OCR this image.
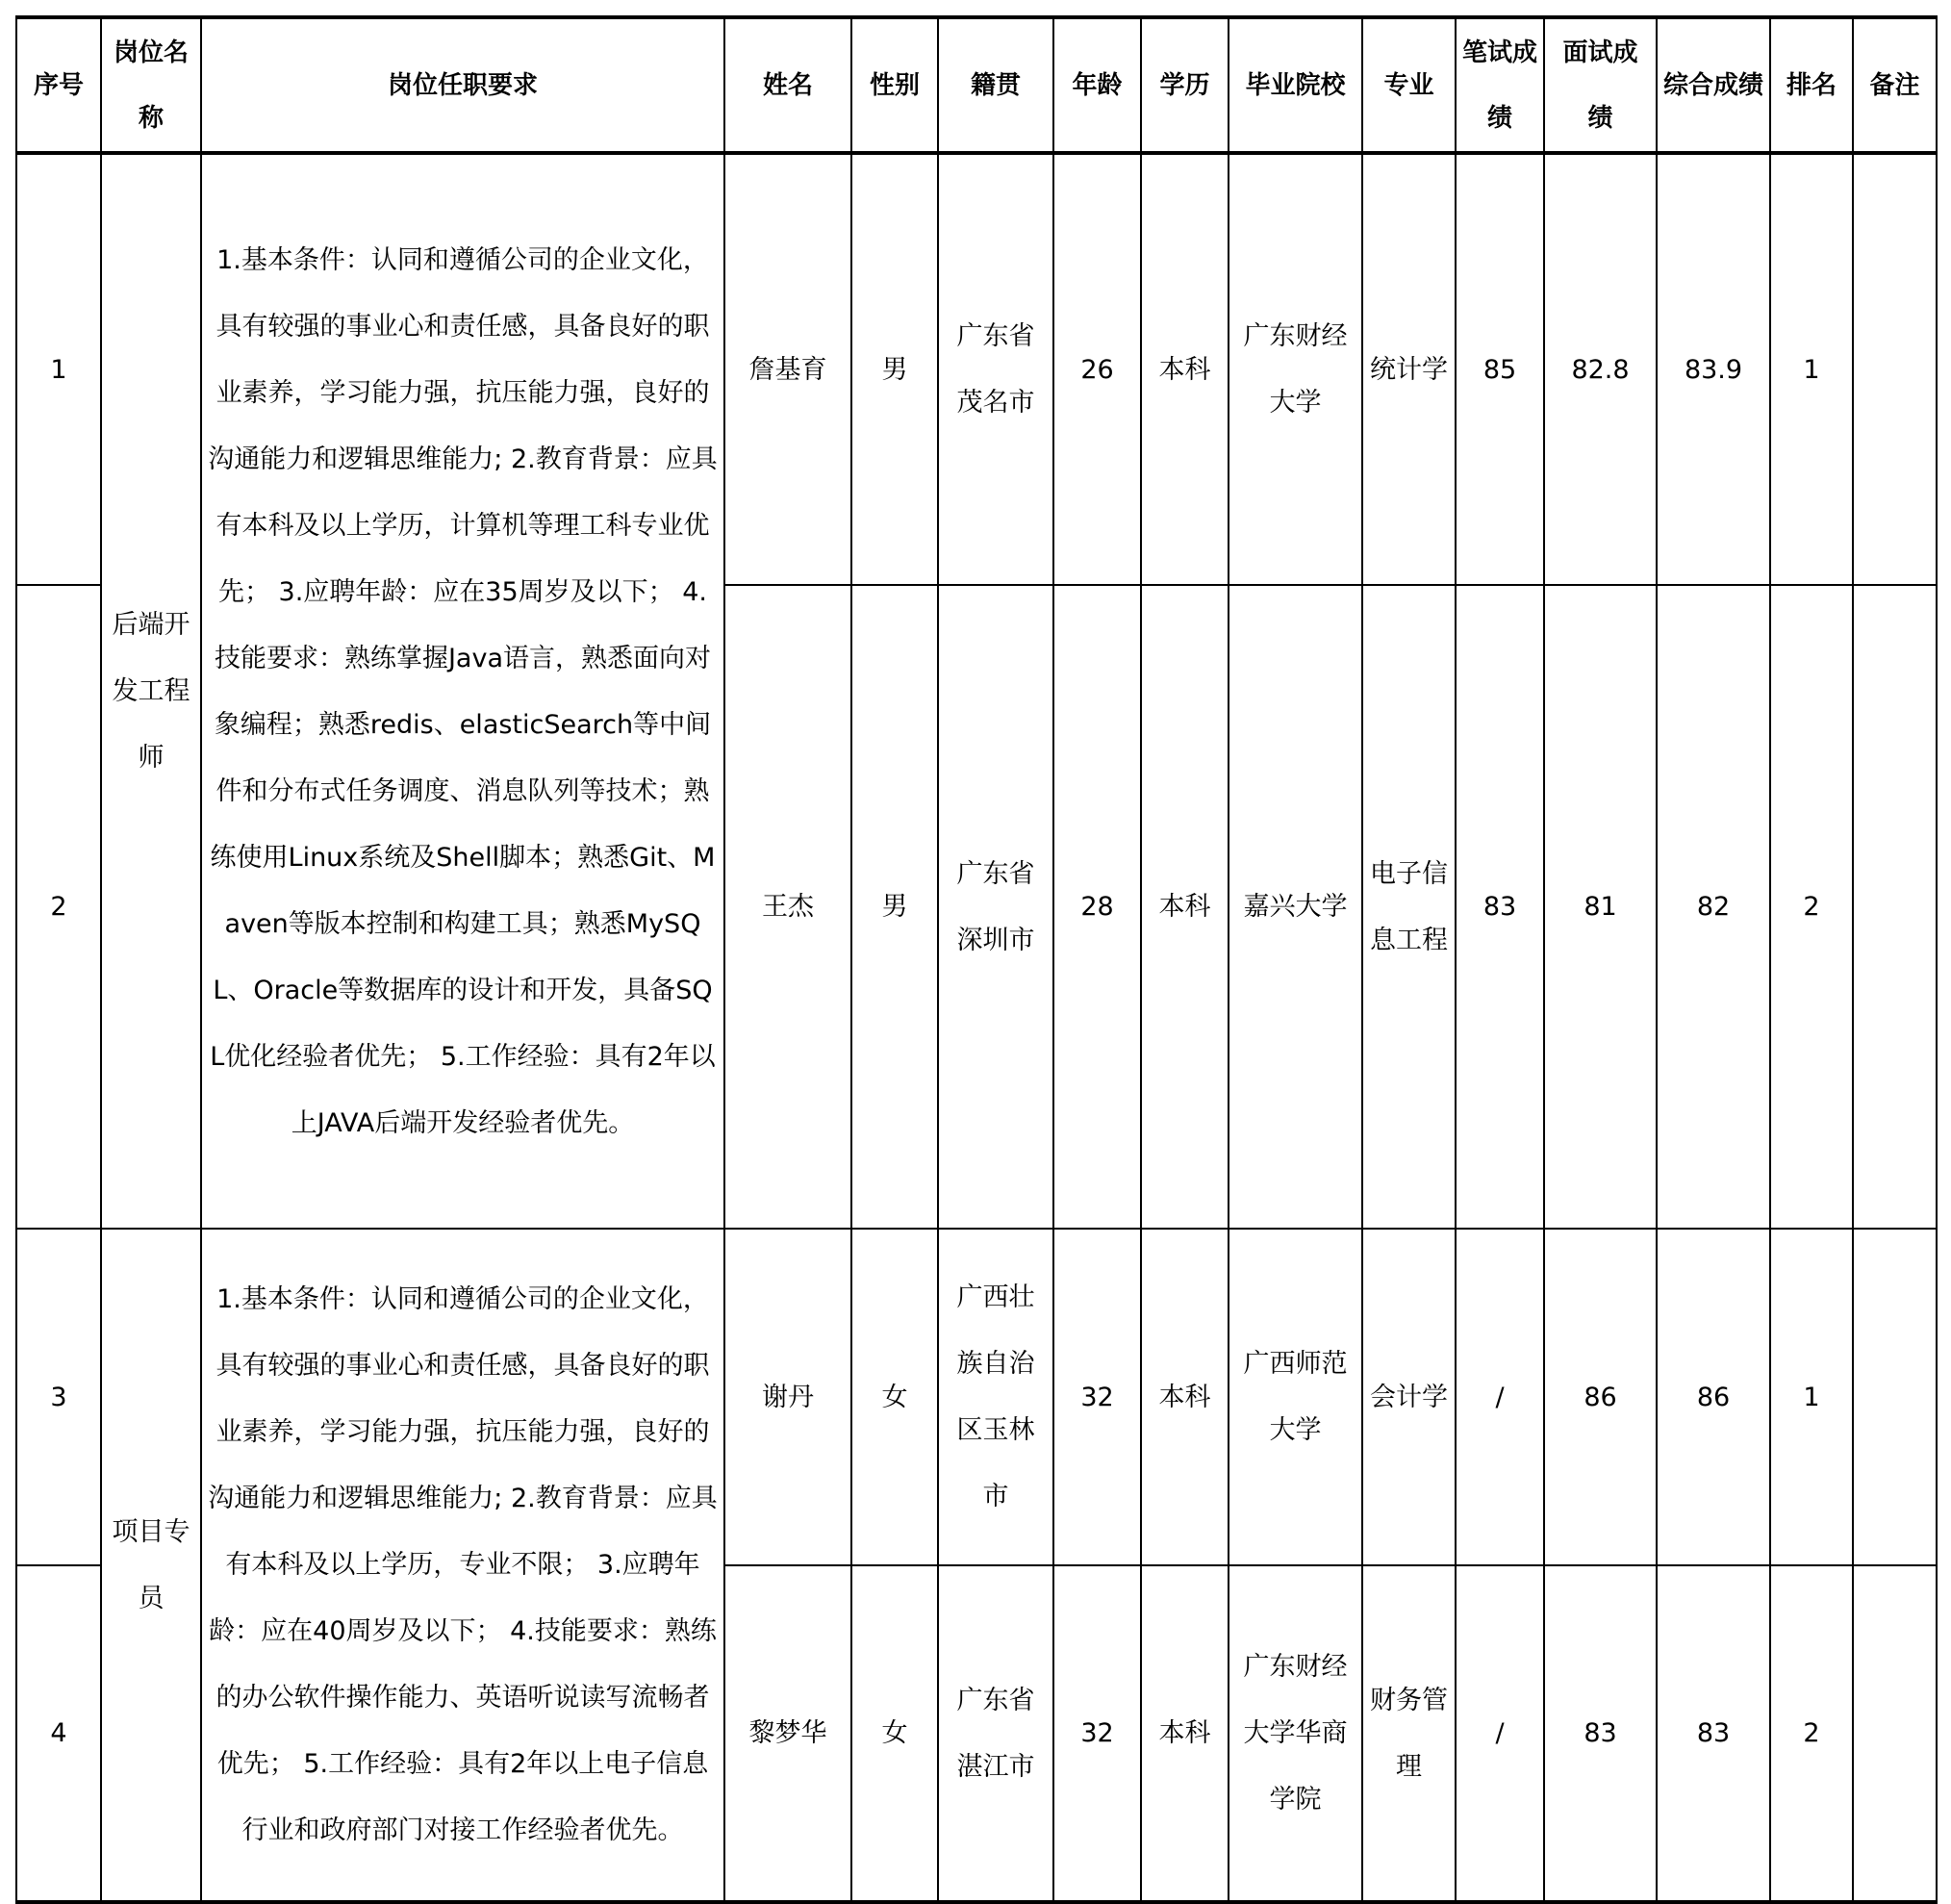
序号	岗位名称	岗位任职要求	姓名	性别	籍贯	年龄	学历	毕业院校	专业	笔试成绩	面试成绩	综合成绩	排名	备注
1	后端开发工程师	1.基本条件：认同和遵循公司的企业文化，具有较强的事业心和责任感，具备良好的职业素养，学习能力强，抗压能力强，良好的沟通能力和逻辑思维能力; 2.教育背景：应具有本科及以上学历，计算机等理工科专业优先； 3.应聘年龄：应在35周岁及以下； 4.技能要求：熟练掌握Java语言，熟悉面向对象编程；熟悉redis、elasticSearch等中间件和分布式任务调度、消息队列等技术；熟练使用Linux系统及Shell脚本；熟悉Git、Maven等版本控制和构建工具；熟悉MySQL、Oracle等数据库的设计和开发，具备SQL优化经验者优先； 5.工作经验：具有2年以上JAVA后端开发经验者优先。	詹基育	男	广东省茂名市	26	本科	广东财经大学	统计学	85	82.8	83.9	1	
2			王杰	男	广东省深圳市	28	本科	嘉兴大学	电子信息工程	83	81	82	2	
3	项目专员	1.基本条件：认同和遵循公司的企业文化，具有较强的事业心和责任感，具备良好的职业素养，学习能力强，抗压能力强，良好的沟通能力和逻辑思维能力; 2.教育背景：应具有本科及以上学历，专业不限； 3.应聘年龄：应在40周岁及以下； 4.技能要求：熟练的办公软件操作能力、英语听说读写流畅者优先； 5.工作经验：具有2年以上电子信息行业和政府部门对接工作经验者优先。	谢丹	女	广西壮族自治区玉林市	32	本科	广西师范大学	会计学	/	86	86	1	
4			黎梦华	女	广东省湛江市	32	本科	广东财经大学华商学院	财务管理	/	83	83	2	
